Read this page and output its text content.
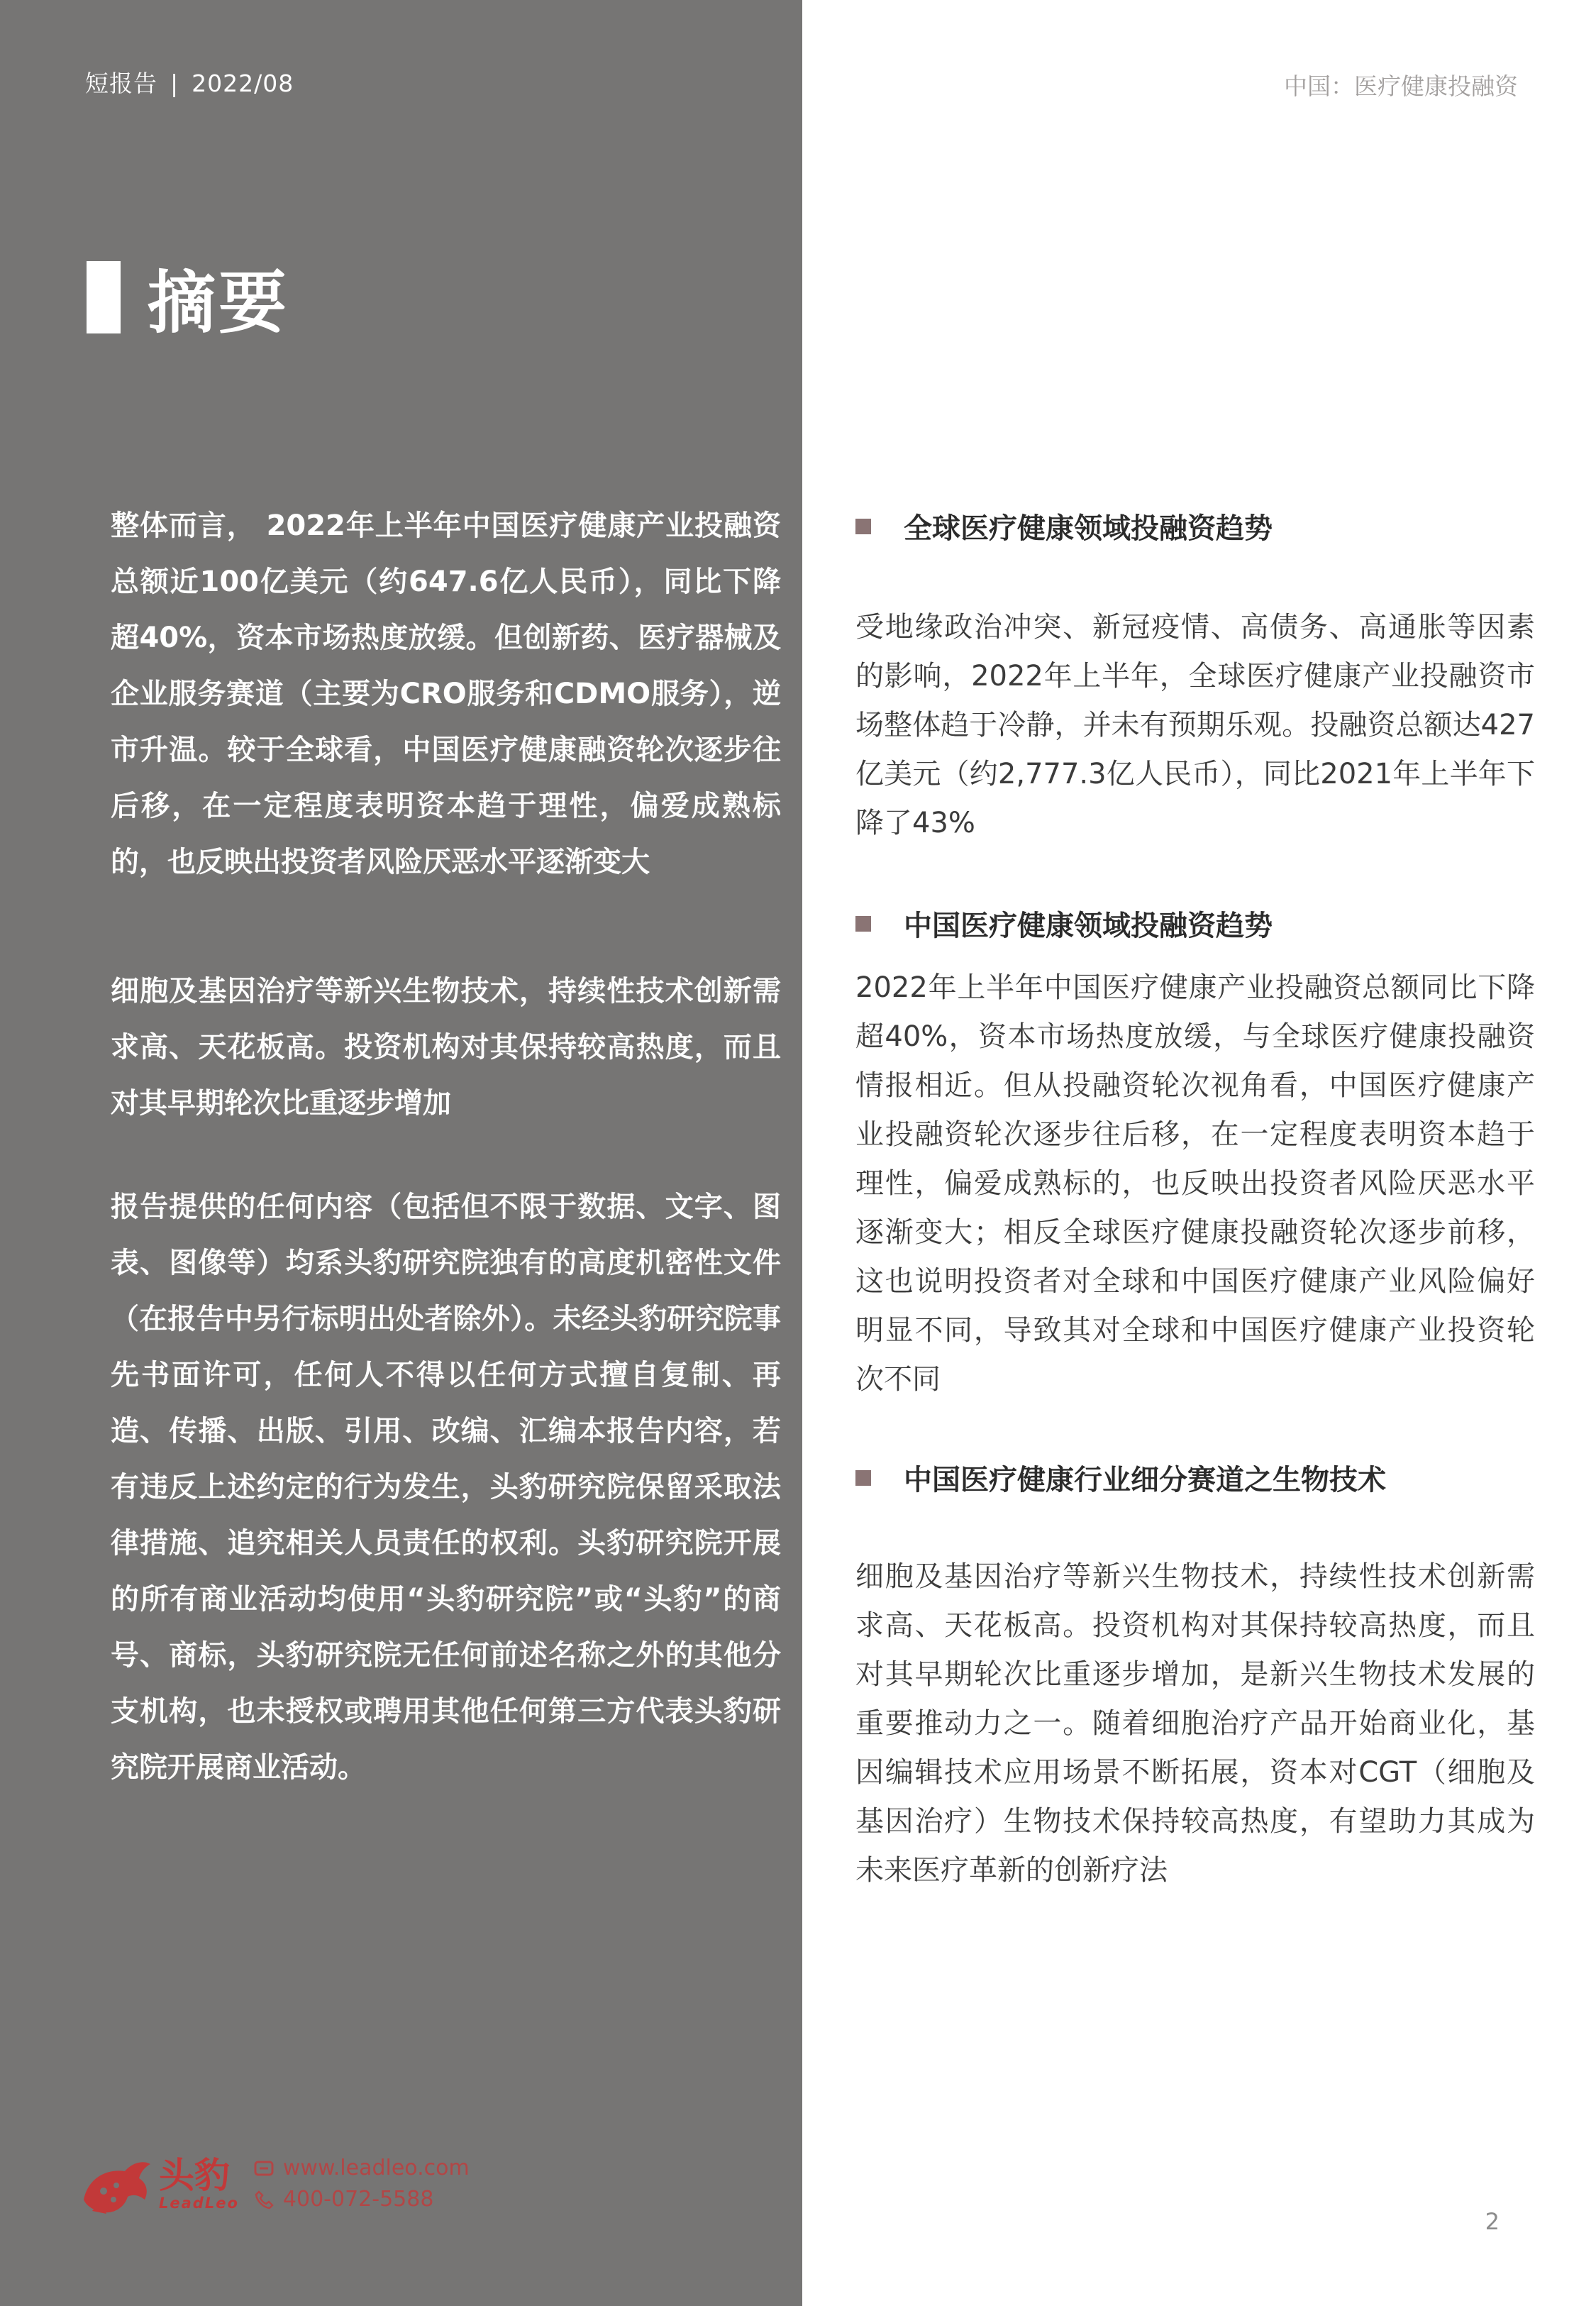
短报告 | 2022/08	中国：医疗健康投融资
摘要

整体而言， 2022年上半年中国医疗健康产业投融资总额近100亿美元（约647.6亿人民币），同比下降超40%，资本市场热度放缓。但创新药、医疗器械及企业服务赛道（主要为CRO服务和CDMO服务），逆市升温。较于全球看，中国医疗健康融资轮次逐步往后移，在一定程度表明资本趋于理性，偏爱成熟标的，也反映出投资者风险厌恶水平逐渐变大

细胞及基因治疗等新兴生物技术，持续性技术创新需求高、天花板高。投资机构对其保持较高热度，而且对其早期轮次比重逐步增加

报告提供的任何内容（包括但不限于数据、文字、图表、图像等）均系头豹研究院独有的高度机密性文件（在报告中另行标明出处者除外）。未经头豹研究院事先书面许可，任何人不得以任何方式擅自复制、再造、传播、出版、引用、改编、汇编本报告内容，若有违反上述约定的行为发生，头豹研究院保留采取法律措施、追究相关人员责任的权利。头豹研究院开展的所有商业活动均使用“头豹研究院”或“头豹”的商号、商标，头豹研究院无任何前述名称之外的其他分支机构，也未授权或聘用其他任何第三方代表头豹研究院开展商业活动。

全球医疗健康领域投融资趋势

受地缘政治冲突、新冠疫情、高债务、高通胀等因素的影响，2022年上半年，全球医疗健康产业投融资市场整体趋于冷静，并未有预期乐观。投融资总额达427亿美元（约2,777.3亿人民币），同比2021年上半年下降了43%

中国医疗健康领域投融资趋势

2022年上半年中国医疗健康产业投融资总额同比下降超40%，资本市场热度放缓，与全球医疗健康投融资情报相近。但从投融资轮次视角看，中国医疗健康产业投融资轮次逐步往后移，在一定程度表明资本趋于理性，偏爱成熟标的，也反映出投资者风险厌恶水平逐渐变大；相反全球医疗健康投融资轮次逐步前移，这也说明投资者对全球和中国医疗健康产业风险偏好明显不同，导致其对全球和中国医疗健康产业投资轮次不同

中国医疗健康行业细分赛道之生物技术

细胞及基因治疗等新兴生物技术，持续性技术创新需求高、天花板高。投资机构对其保持较高热度，而且对其早期轮次比重逐步增加，是新兴生物技术发展的重要推动力之一。随着细胞治疗产品开始商业化，基因编辑技术应用场景不断拓展，资本对CGT（细胞及基因治疗）生物技术保持较高热度，有望助力其成为未来医疗革新的创新疗法

头豹
LeadLeo
www.leadleo.com
400-072-5588
2
